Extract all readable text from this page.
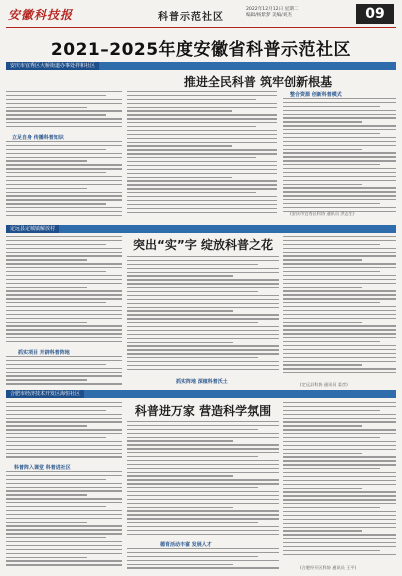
安徽科技报	科普示范社区
2022年12月12日 星期二
编辑/杨紫梦 美编/刘杰	09
2021–2025年度安徽省科普示范社区
安庆市宜秀区大桥街道办事处祥和社区
推进全民科普 筑牢创新根基
立足自身 传播科普知识
整合资源 创新科普模式
(安庆市宜秀区科协 通讯员 洪志生)
定远县定城镇解放村
抓实项目 开辟科普阵地
突出“实”字 绽放科普之花
抓实阵地 深植科普沃土	(定远县科协 通讯员 姜彦)
合肥市经济技术开发区海恒社区
科普阵入课堂 科普进社区
科普进万家 营造科学氛围
德育活动丰富 发展人才
(合肥经开区科协 通讯员 王平)
